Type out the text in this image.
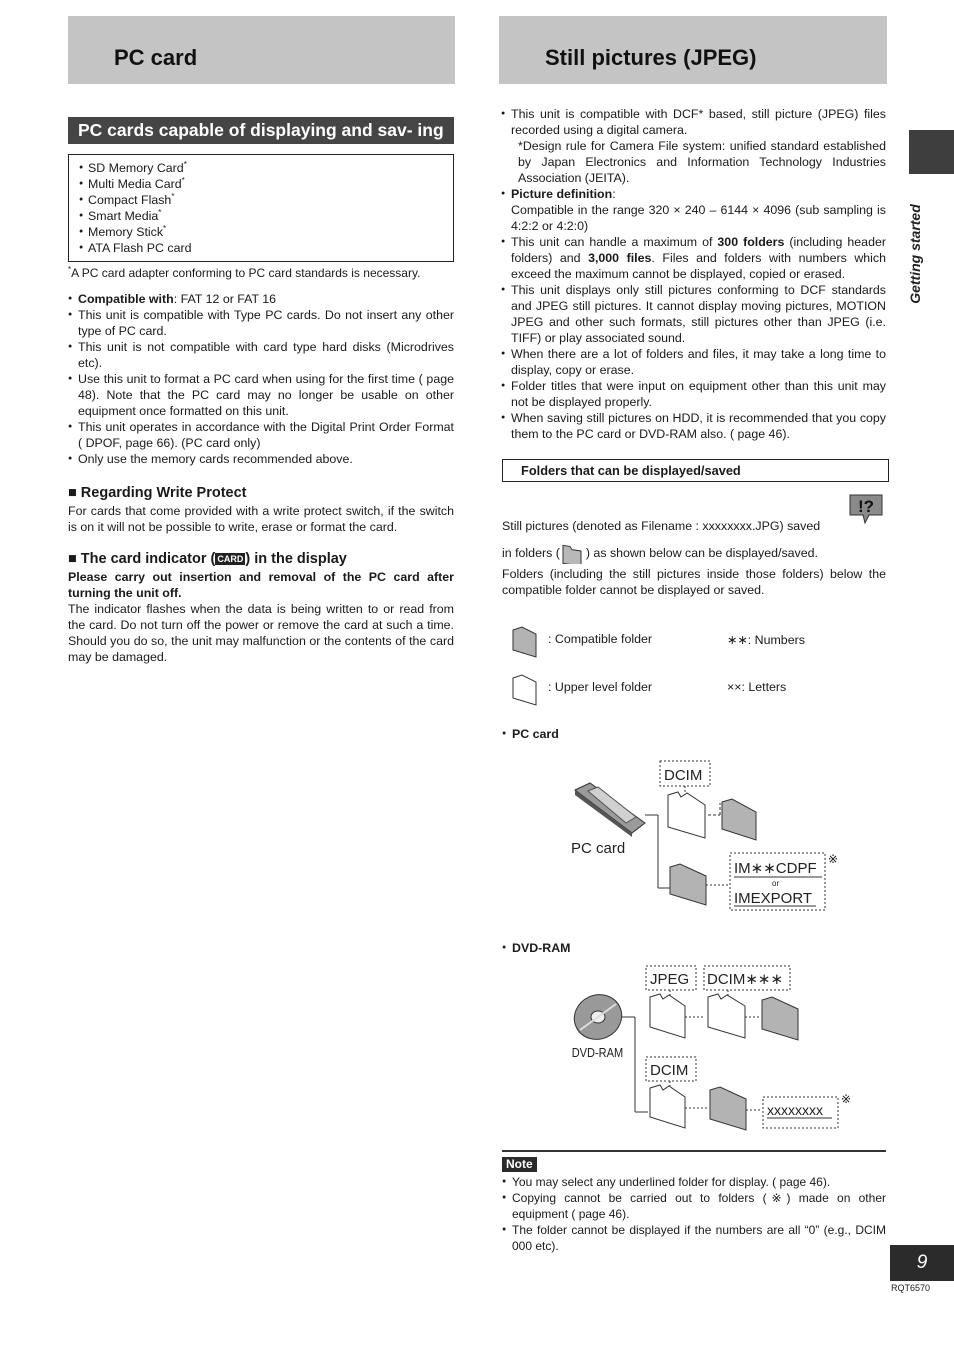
PC card	Still pictures (JPEG)
Getting started
PC cards capable of displaying and sav- ing
● SD Memory Card*
● Multi Media Card*
● Compact Flash*
● Smart Media*
● Memory Stick*
● ATA Flash PC card

*A PC card adapter conforming to PC card standards is necessary.

● Compatible with: FAT 12 or FAT 16
● This unit is compatible with Type PC cards. Do not insert any other type of PC card.
● This unit is not compatible with card type hard disks (Microdrives etc).
● Use this unit to format a PC card when using for the first time ( page 48). Note that the PC card may no longer be usable on other equipment once formatted on this unit.
● This unit operates in accordance with the Digital Print Order Format ( DPOF, page 66). (PC card only)
● Only use the memory cards recommended above.
■ Regarding Write Protect

For cards that come provided with a write protect switch, if the switch is on it will not be possible to write, erase or format the card.

■ The card indicator ( CARD ) in the display

Please carry out insertion and removal of the PC card after turning the unit off.

The indicator flashes when the data is being written to or read from the card. Do not turn off the power or remove the card at such a time. Should you do so, the unit may malfunction or the contents of the card may be damaged.

● This unit is compatible with DCF* based, still picture (JPEG) files recorded using a digital camera.
*Design rule for Camera File system: unified standard established by Japan Electronics and Information Technology Industries Association (JEITA).
● Picture definition:
Compatible in the range 320 × 240 – 6144 × 4096 (sub sampling is 4:2:2 or 4:2:0)
● This unit can handle a maximum of 300 folders (including header folders) and 3,000 files. Files and folders with numbers which exceed the maximum cannot be displayed, copied or erased.
● This unit displays only still pictures conforming to DCF standards and JPEG still pictures. It cannot display moving pictures, MOTION JPEG and other such formats, still pictures other than JPEG (i.e. TIFF) or play associated sound.
● When there are a lot of folders and files, it may take a long time to display, copy or erase.
● Folder titles that were input on equipment other than this unit may not be displayed properly.
● When saving still pictures on HDD, it is recommended that you copy them to the PC card or DVD-RAM also. ( page 46).
Folders that can be displayed/saved
!?

Still pictures (denoted as Filename : xxxxxxxx.JPG) saved

in folders ( ) as shown below can be displayed/saved.

Folders (including the still pictures inside those folders) below the compatible folder cannot be displayed or saved.

: Compatible folder	∗∗: Numbers
: Upper level folder	××: Letters
● PC card
PC card
DCIM
IM∗∗CDPF
or
IMEXPORT
※
● DVD-RAM
DVD-RAM
JPEG DCIM∗∗∗
DCIM
xxxxxxxx
※
Note
● You may select any underlined folder for display. ( page 46).
● Copying cannot be carried out to folders (※) made on other equipment ( page 46).
● The folder cannot be displayed if the numbers are all “0” (e.g., DCIM 000 etc).
9
RQT6570
